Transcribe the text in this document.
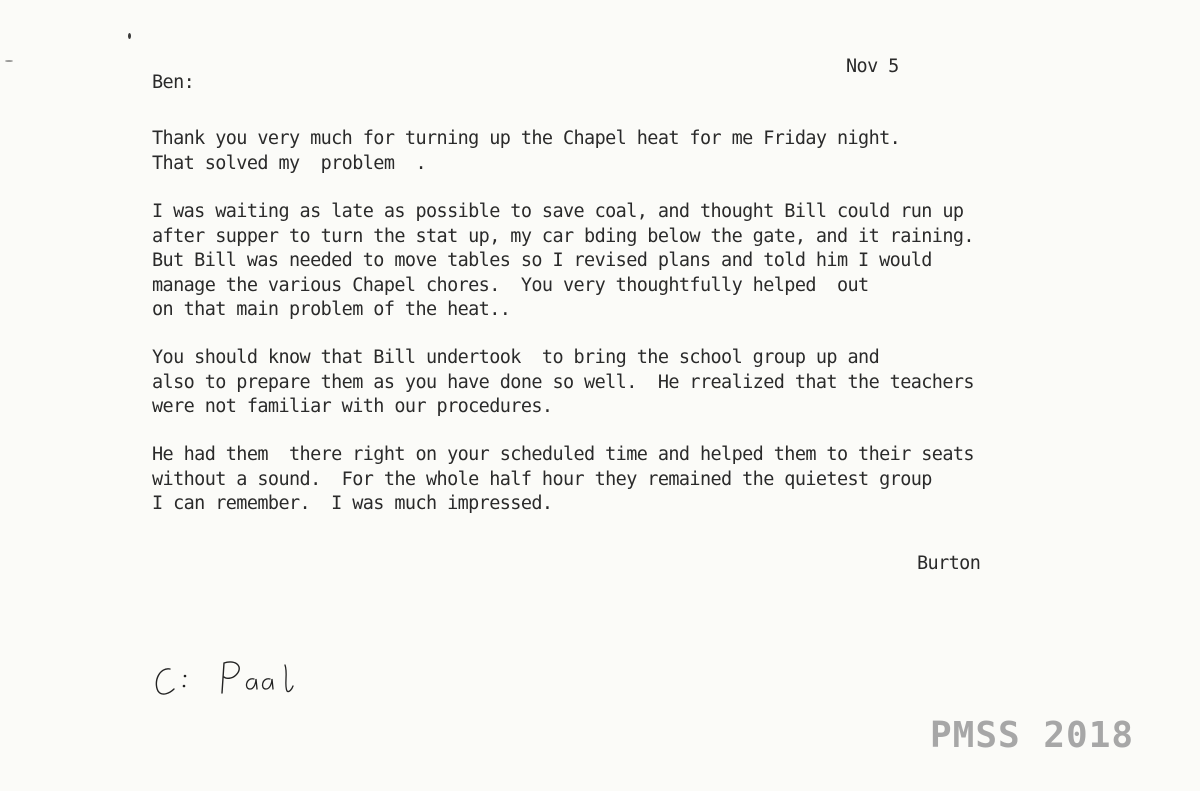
Nov 5
Ben:
Thank you very much for turning up the Chapel heat for me Friday night.
That solved my  problem  .
I was waiting as late as possible to save coal, and thought Bill could run up
after supper to turn the stat up, my car bding below the gate, and it raining.
But Bill was needed to move tables so I revised plans and told him I would
manage the various Chapel chores.  You very thoughtfully helped  out
on that main problem of the heat..
You should know that Bill undertook  to bring the school group up and
also to prepare them as you have done so well.  He rrealized that the teachers
were not familiar with our procedures.
He had them  there right on your scheduled time and helped them to their seats
without a sound.  For the whole half hour they remained the quietest group
I can remember.  I was much impressed.
Burton
PMSS 2018
